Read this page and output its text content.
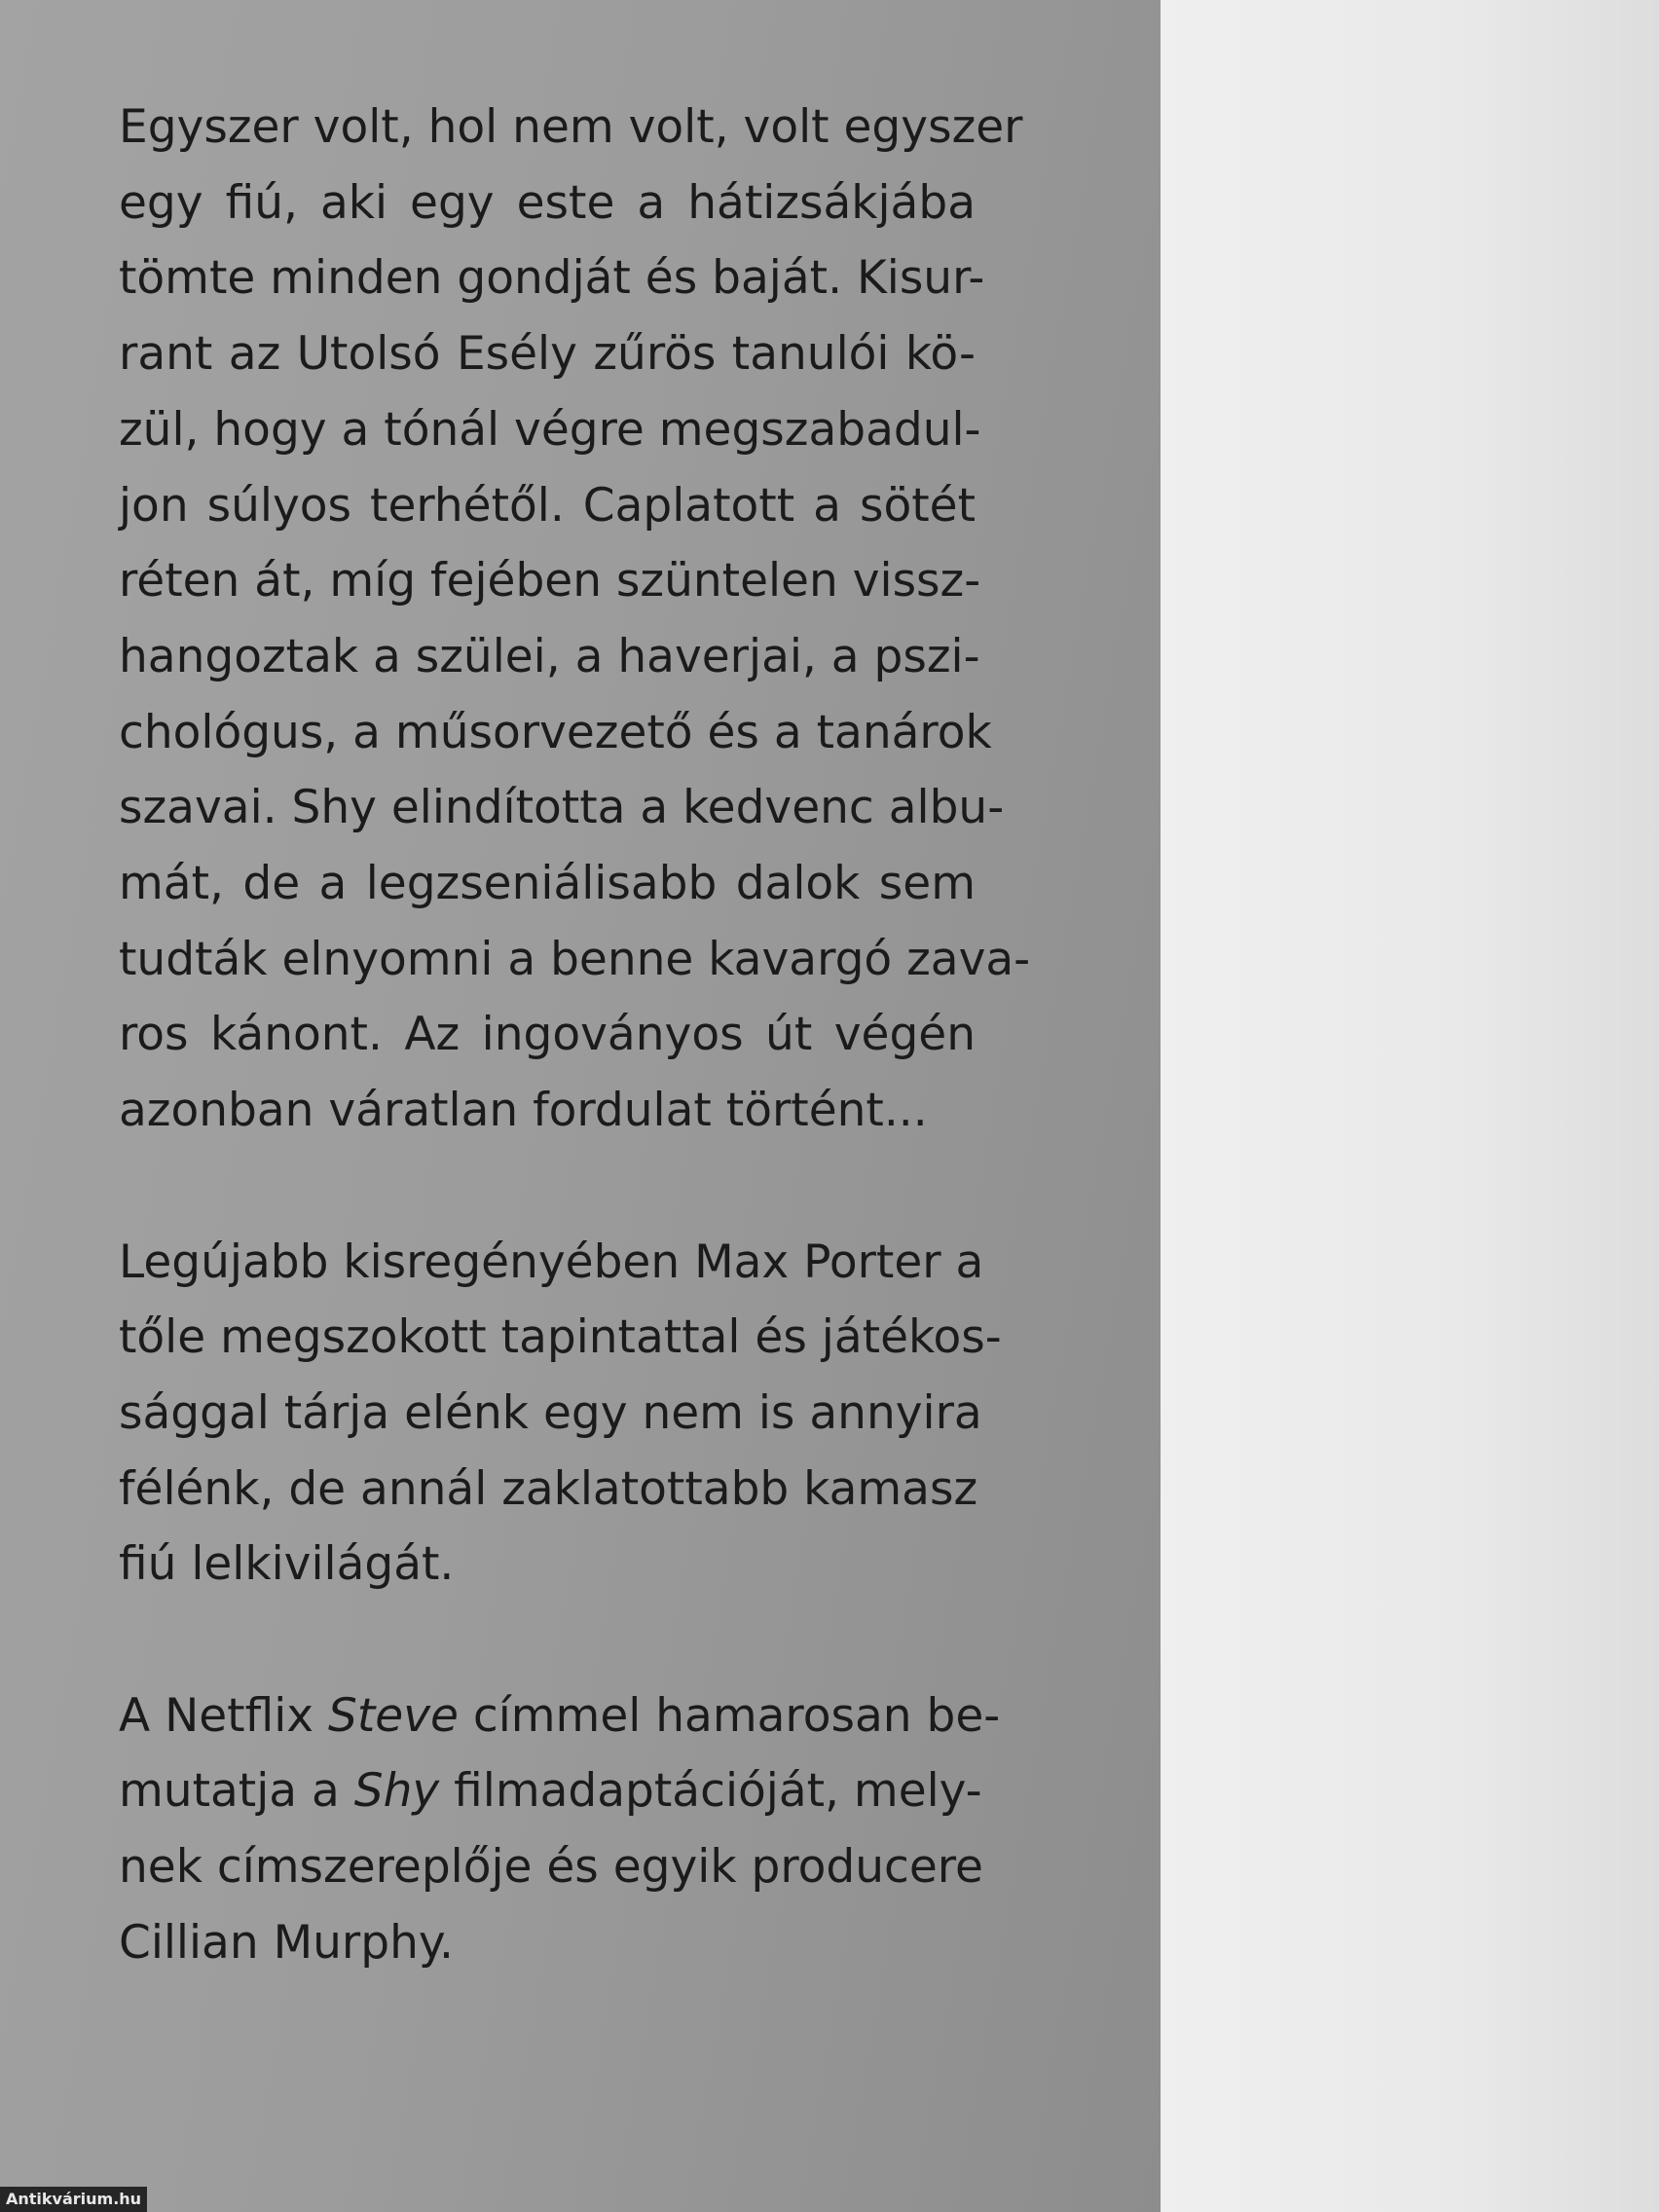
Egyszer volt, hol nem volt, volt egyszer
egy fiú, aki egy este a hátizsákjába
tömte minden gondját és baját. Kisur-
rant az Utolsó Esély zűrös tanulói kö-
zül, hogy a tónál végre megszabadul-
jon súlyos terhétől. Caplatott a sötét
réten át, míg fejében szüntelen vissz-
hangoztak a szülei, a haverjai, a pszi-
chológus, a műsorvezető és a tanárok
szavai. Shy elindította a kedvenc albu-
mát, de a legzseniálisabb dalok sem
tudták elnyomni a benne kavargó zava-
ros kánont. Az ingoványos út végén
azonban váratlan fordulat történt...

Legújabb kisregényében Max Porter a
tőle megszokott tapintattal és játékos-
sággal tárja elénk egy nem is annyira
félénk, de annál zaklatottabb kamasz
fiú lelkivilágát.

A Netflix Steve címmel hamarosan be-
mutatja a Shy filmadaptációját, mely-
nek címszereplője és egyik producere
Cillian Murphy.

Antikvárium.hu
